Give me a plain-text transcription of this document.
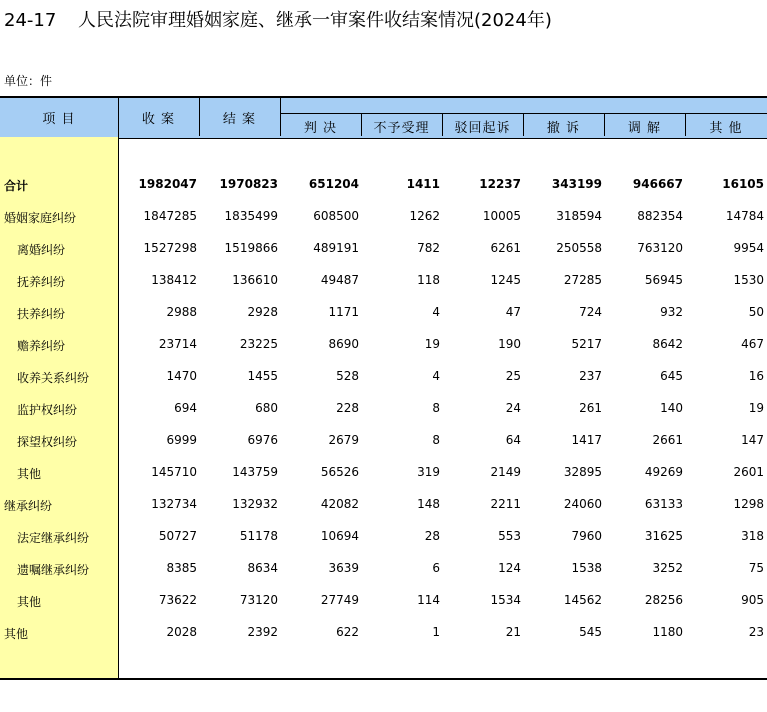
24-17 人民法院审理婚姻家庭、继承一审案件收结案情况(2024年)
单位：件
项 目	收 案	结 案
判 决	不予受理	驳回起诉	撤 诉	调 解	其 他
合计	1982047	1970823	651204	1411	12237	343199	946667	16105
婚姻家庭纠纷	1847285	1835499	608500	1262	10005	318594	882354	14784
离婚纠纷	1527298	1519866	489191	782	6261	250558	763120	9954
抚养纠纷	138412	136610	49487	118	1245	27285	56945	1530
扶养纠纷	2988	2928	1171	4	47	724	932	50
赡养纠纷	23714	23225	8690	19	190	5217	8642	467
收养关系纠纷	1470	1455	528	4	25	237	645	16
监护权纠纷	694	680	228	8	24	261	140	19
探望权纠纷	6999	6976	2679	8	64	1417	2661	147
其他	145710	143759	56526	319	2149	32895	49269	2601
继承纠纷	132734	132932	42082	148	2211	24060	63133	1298
法定继承纠纷	50727	51178	10694	28	553	7960	31625	318
遗嘱继承纠纷	8385	8634	3639	6	124	1538	3252	75
其他	73622	73120	27749	114	1534	14562	28256	905
其他	2028	2392	622	1	21	545	1180	23
